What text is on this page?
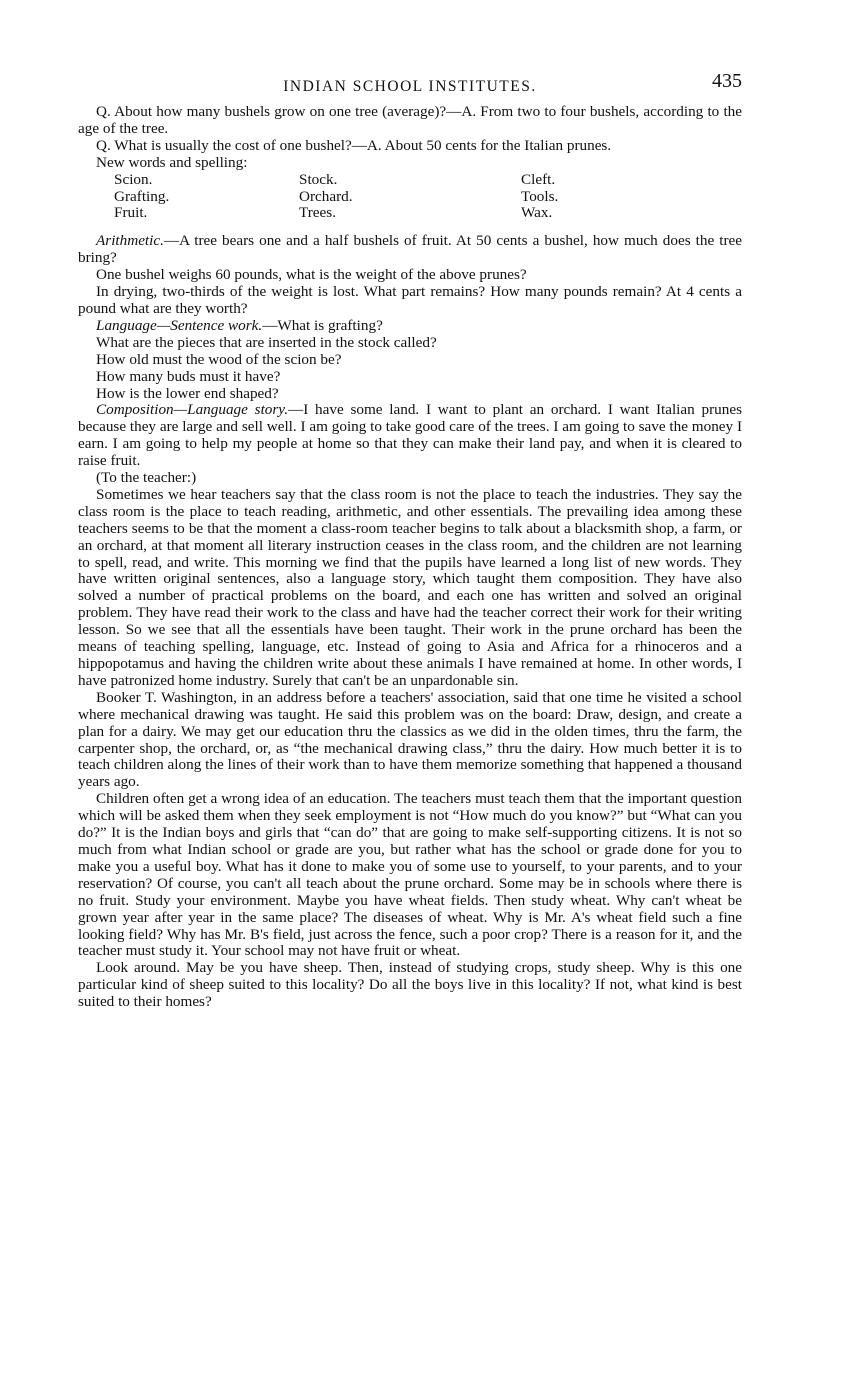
INDIAN SCHOOL INSTITUTES.	435

Q. About how many bushels grow on one tree (average)?—A. From two to four bushels, according to the age of the tree.

Q. What is usually the cost of one bushel?—A. About 50 cents for the Italian prunes.

New words and spelling:

Scion.	Stock.	Cleft.
Grafting.	Orchard.	Tools.
Fruit.	Trees.	Wax.

Arithmetic.—A tree bears one and a half bushels of fruit. At 50 cents a bushel, how much does the tree bring?

One bushel weighs 60 pounds, what is the weight of the above prunes?

In drying, two-thirds of the weight is lost. What part remains? How many pounds remain? At 4 cents a pound what are they worth?

Language—Sentence work.—What is grafting?

What are the pieces that are inserted in the stock called?

How old must the wood of the scion be?

How many buds must it have?

How is the lower end shaped?

Composition—Language story.—I have some land. I want to plant an orchard. I want Italian prunes because they are large and sell well. I am going to take good care of the trees. I am going to save the money I earn. I am going to help my people at home so that they can make their land pay, and when it is cleared to raise fruit.

(To the teacher:)

Sometimes we hear teachers say that the class room is not the place to teach the industries. They say the class room is the place to teach reading, arithmetic, and other essentials. The prevailing idea among these teachers seems to be that the moment a class-room teacher begins to talk about a blacksmith shop, a farm, or an orchard, at that moment all literary instruction ceases in the class room, and the children are not learning to spell, read, and write. This morning we find that the pupils have learned a long list of new words. They have written original sentences, also a language story, which taught them composition. They have also solved a number of practical problems on the board, and each one has written and solved an original problem. They have read their work to the class and have had the teacher correct their work for their writing lesson. So we see that all the essentials have been taught. Their work in the prune orchard has been the means of teaching spelling, language, etc. Instead of going to Asia and Africa for a rhinoceros and a hippopotamus and having the children write about these animals I have remained at home. In other words, I have patronized home industry. Surely that can't be an unpardonable sin.

Booker T. Washington, in an address before a teachers' association, said that one time he visited a school where mechanical drawing was taught. He said this problem was on the board: Draw, design, and create a plan for a dairy. We may get our education thru the classics as we did in the olden times, thru the farm, the carpenter shop, the orchard, or, as “the mechanical drawing class,” thru the dairy. How much better it is to teach children along the lines of their work than to have them memorize something that happened a thousand years ago.

Children often get a wrong idea of an education. The teachers must teach them that the important question which will be asked them when they seek employment is not “How much do you know?” but “What can you do?” It is the Indian boys and girls that “can do” that are going to make self-supporting citizens. It is not so much from what Indian school or grade are you, but rather what has the school or grade done for you to make you a useful boy. What has it done to make you of some use to yourself, to your parents, and to your reservation? Of course, you can't all teach about the prune orchard. Some may be in schools where there is no fruit. Study your environment. Maybe you have wheat fields. Then study wheat. Why can't wheat be grown year after year in the same place? The diseases of wheat. Why is Mr. A's wheat field such a fine looking field? Why has Mr. B's field, just across the fence, such a poor crop? There is a reason for it, and the teacher must study it. Your school may not have fruit or wheat.

Look around. May be you have sheep. Then, instead of studying crops, study sheep. Why is this one particular kind of sheep suited to this locality? Do all the boys live in this locality? If not, what kind is best suited to their homes?
